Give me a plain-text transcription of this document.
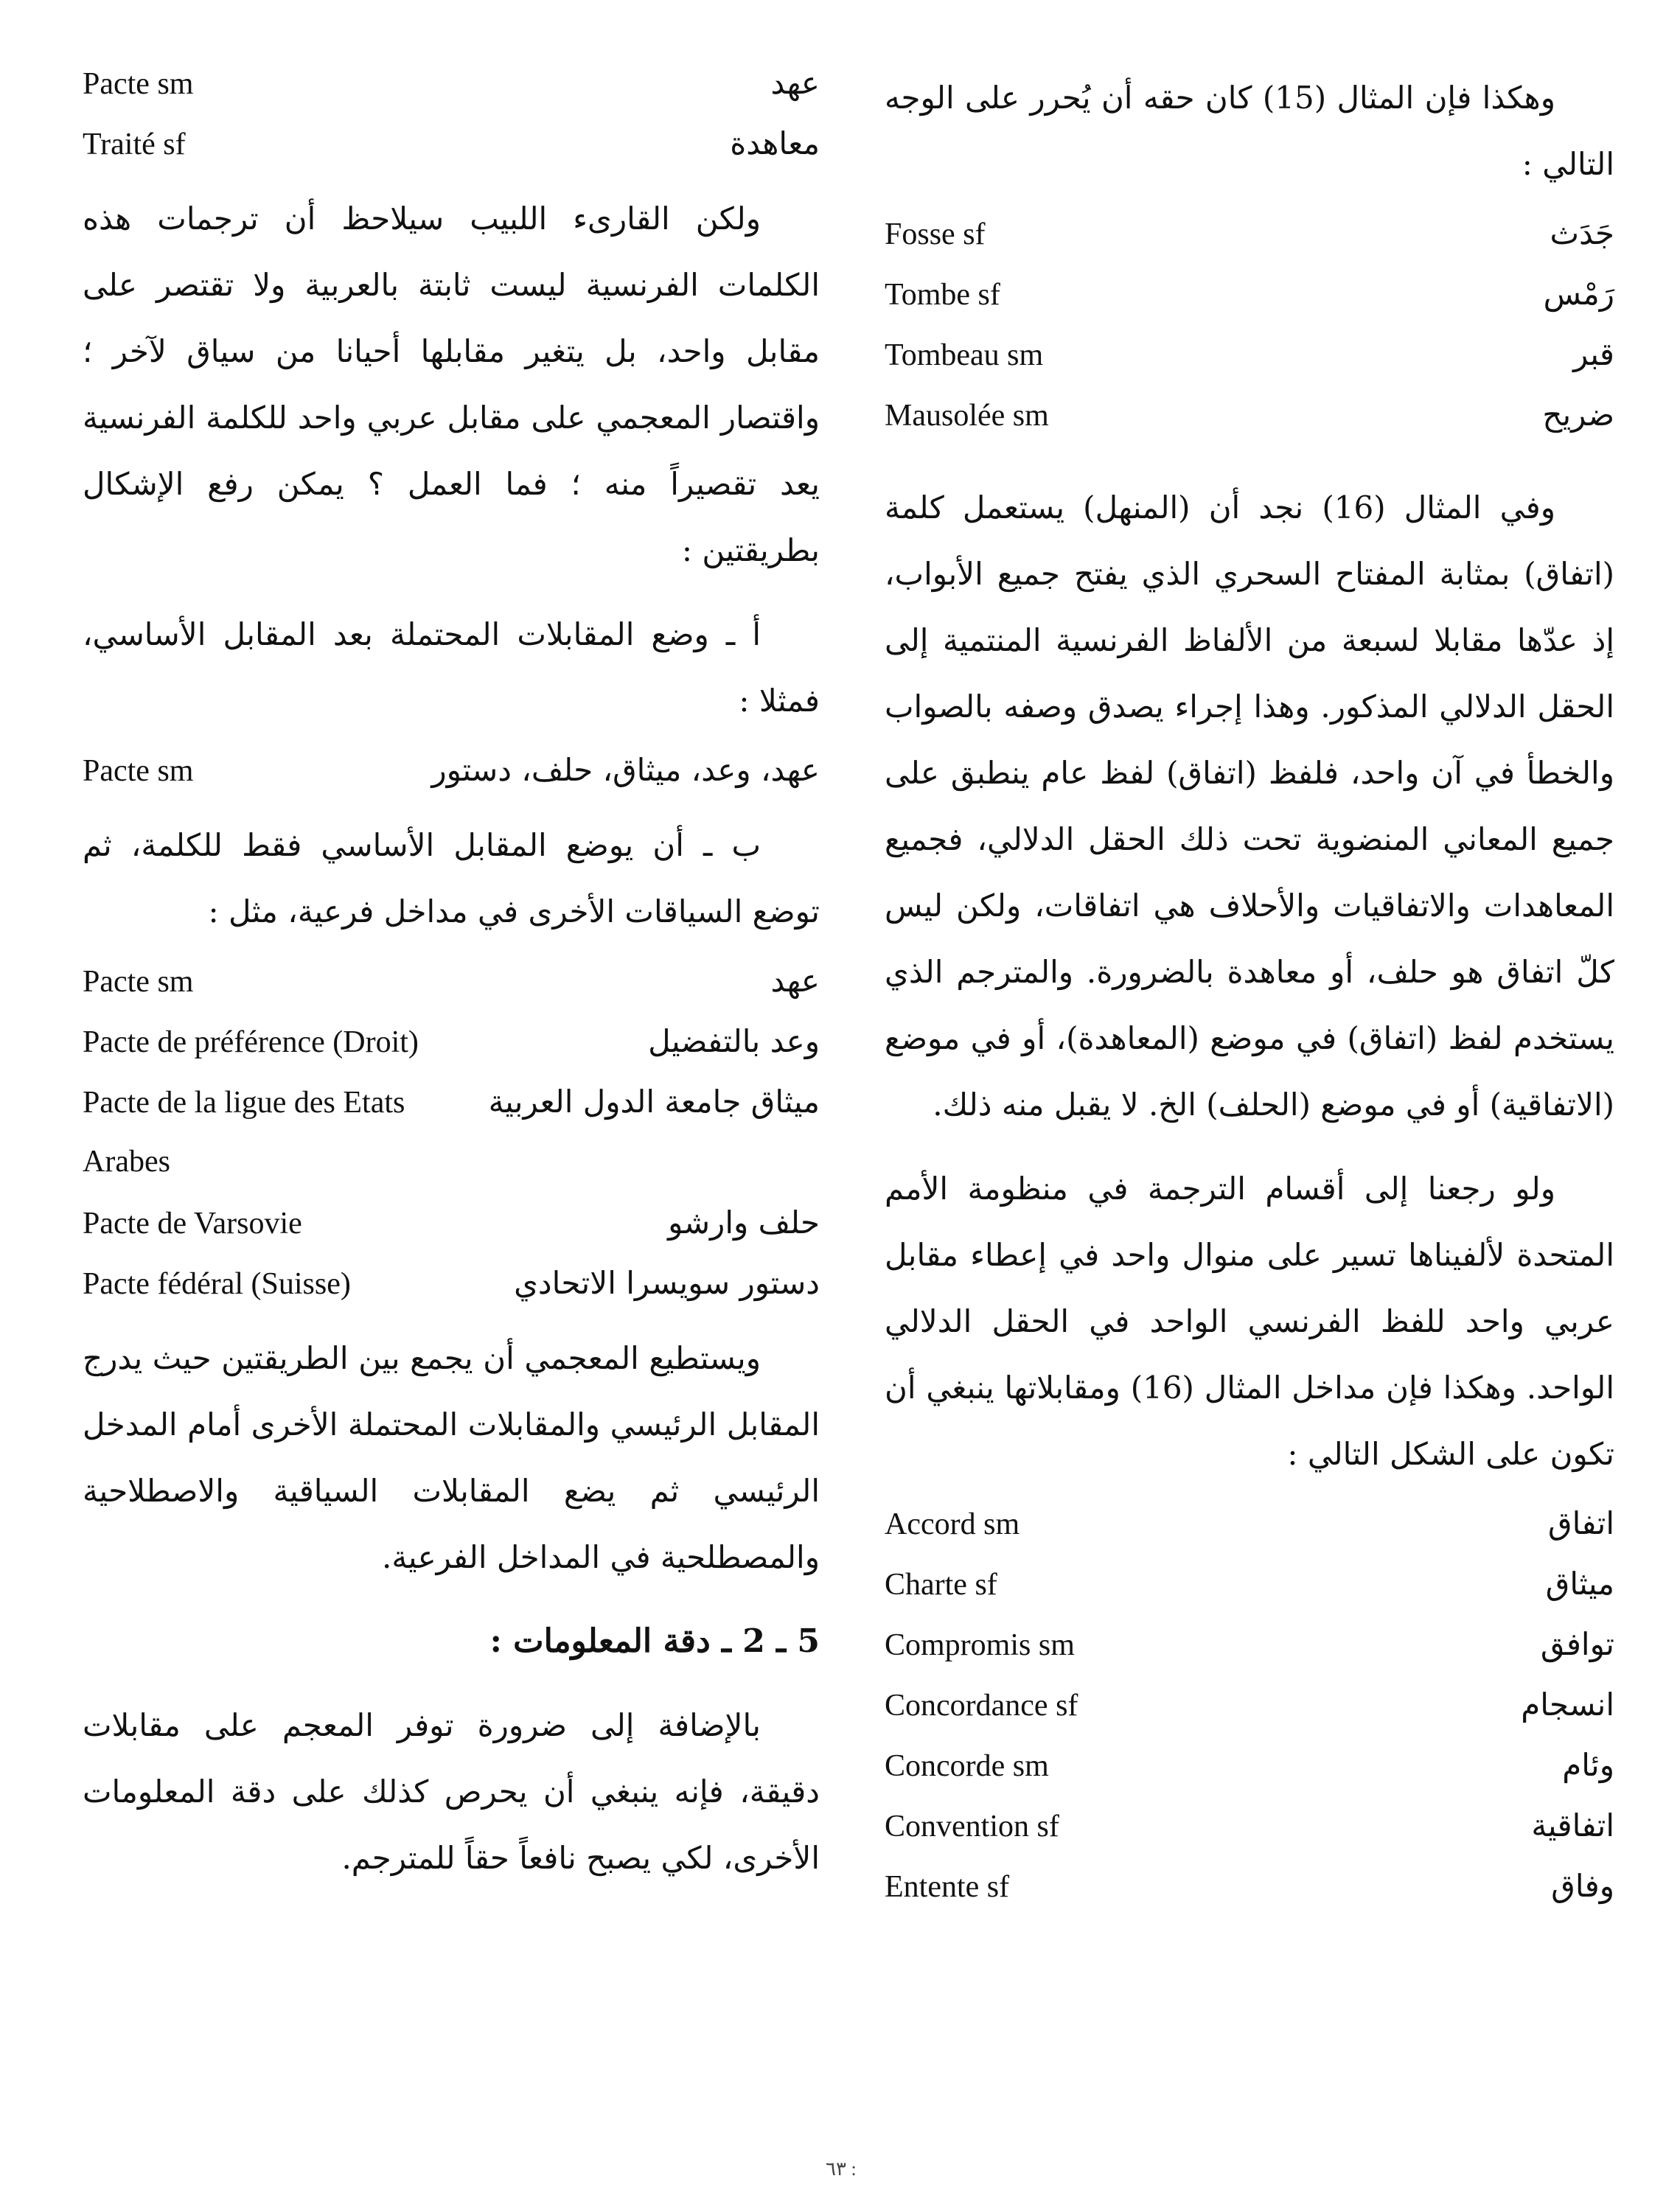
وهكذا فإن المثال (15) كان حقه أن يُحرر على الوجه التالي :

Fosse sf	جَدَث
Tombe sf	رَمْس
Tombeau sm	قبر
Mausolée sm	ضريح

وفي المثال (16) نجد أن (المنهل) يستعمل كلمة (اتفاق) بمثابة المفتاح السحري الذي يفتح جميع الأبواب، إذ عدّها مقابلا لسبعة من الألفاظ الفرنسية المنتمية إلى الحقل الدلالي المذكور. وهذا إجراء يصدق وصفه بالصواب والخطأ في آن واحد، فلفظ (اتفاق) لفظ عام ينطبق على جميع المعاني المنضوية تحت ذلك الحقل الدلالي، فجميع المعاهدات والاتفاقيات والأحلاف هي اتفاقات، ولكن ليس كلّ اتفاق هو حلف، أو معاهدة بالضرورة. والمترجم الذي يستخدم لفظ (اتفاق) في موضع (المعاهدة)، أو في موضع (الاتفاقية) أو في موضع (الحلف) الخ. لا يقبل منه ذلك.

ولو رجعنا إلى أقسام الترجمة في منظومة الأمم المتحدة لألفيناها تسير على منوال واحد في إعطاء مقابل عربي واحد للفظ الفرنسي الواحد في الحقل الدلالي الواحد. وهكذا فإن مداخل المثال (16) ومقابلاتها ينبغي أن تكون على الشكل التالي :

Accord sm	اتفاق
Charte sf	ميثاق
Compromis sm	توافق
Concordance sf	انسجام
Concorde sm	وئام
Convention sf	اتفاقية
Entente sf	وفاق
Pacte sm	عهد
Traité sf	معاهدة

ولكن القارىء اللبيب سيلاحظ أن ترجمات هذه الكلمات الفرنسية ليست ثابتة بالعربية ولا تقتصر على مقابل واحد، بل يتغير مقابلها أحيانا من سياق لآخر ؛ واقتصار المعجمي على مقابل عربي واحد للكلمة الفرنسية يعد تقصيراً منه ؛ فما العمل ؟ يمكن رفع الإشكال بطريقتين :

أ ـ وضع المقابلات المحتملة بعد المقابل الأساسي، فمثلا :

Pacte sm	عهد، وعد، ميثاق، حلف، دستور

ب ـ أن يوضع المقابل الأساسي فقط للكلمة، ثم توضع السياقات الأخرى في مداخل فرعية، مثل :

Pacte sm	عهد
Pacte de préférence (Droit)	وعد بالتفضيل
Pacte de la ligue des Etats	ميثاق جامعة الدول العربية
Arabes
Pacte de Varsovie	حلف وارشو
Pacte fédéral (Suisse)	دستور سويسرا الاتحادي

ويستطيع المعجمي أن يجمع بين الطريقتين حيث يدرج المقابل الرئيسي والمقابلات المحتملة الأخرى أمام المدخل الرئيسي ثم يضع المقابلات السياقية والاصطلاحية والمصطلحية في المداخل الفرعية.

5 ـ 2 ـ دقة المعلومات :

بالإضافة إلى ضرورة توفر المعجم على مقابلات دقيقة، فإنه ينبغي أن يحرص كذلك على دقة المعلومات الأخرى، لكي يصبح نافعاً حقاً للمترجم.

٦٣ :
